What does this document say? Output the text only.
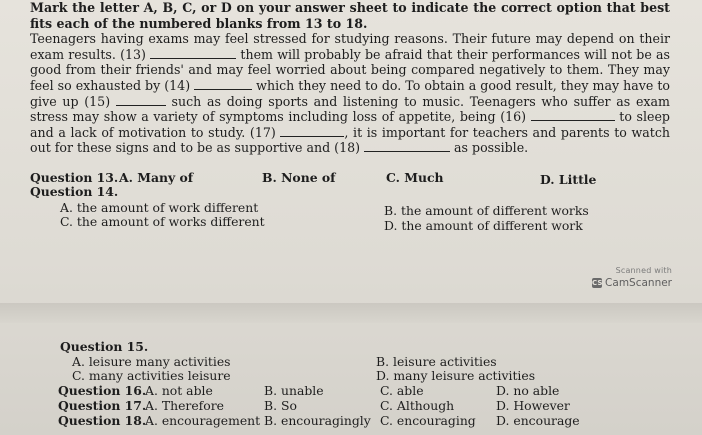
Mark the letter A, B, C, or D on your answer sheet to indicate the correct option that best fits each of the numbered blanks from 13 to 18.

Teenagers having exams may feel stressed for studying reasons. Their future may depend on their exam results. (13)	them will probably be afraid that their performances will not be as good from their friends' and may feel worried about being compared negatively to them. They may feel so exhausted by (14)	which they need to do. To obtain a good result, they may have to give up (15)	such as doing sports and listening to music. Teenagers who suffer as exam stress may show a variety of symptoms including loss of appetite, being (16)	to sleep and a lack of motivation to study. (17)	, it is important for teachers and parents to watch out for these signs and to be as supportive and (18)	as possible.

Question 13. A. Many of	B. None of	C. Much	D. Little
Question 14.
A. the amount of work different	B. the amount of different works
C. the amount of works different	D. the amount of different work
Scanned with
CS CamScanner
Question 15.
A. leisure many activities	B. leisure activities
C. many activities leisure	D. many leisure activities
Question 16.
A. not able	B. unable	C. able	D. no able
Question 17.
A. Therefore	B. So	C. Although	D. However
Question 18.
A. encouragement B. encouragingly C. encouraging D. encourage
